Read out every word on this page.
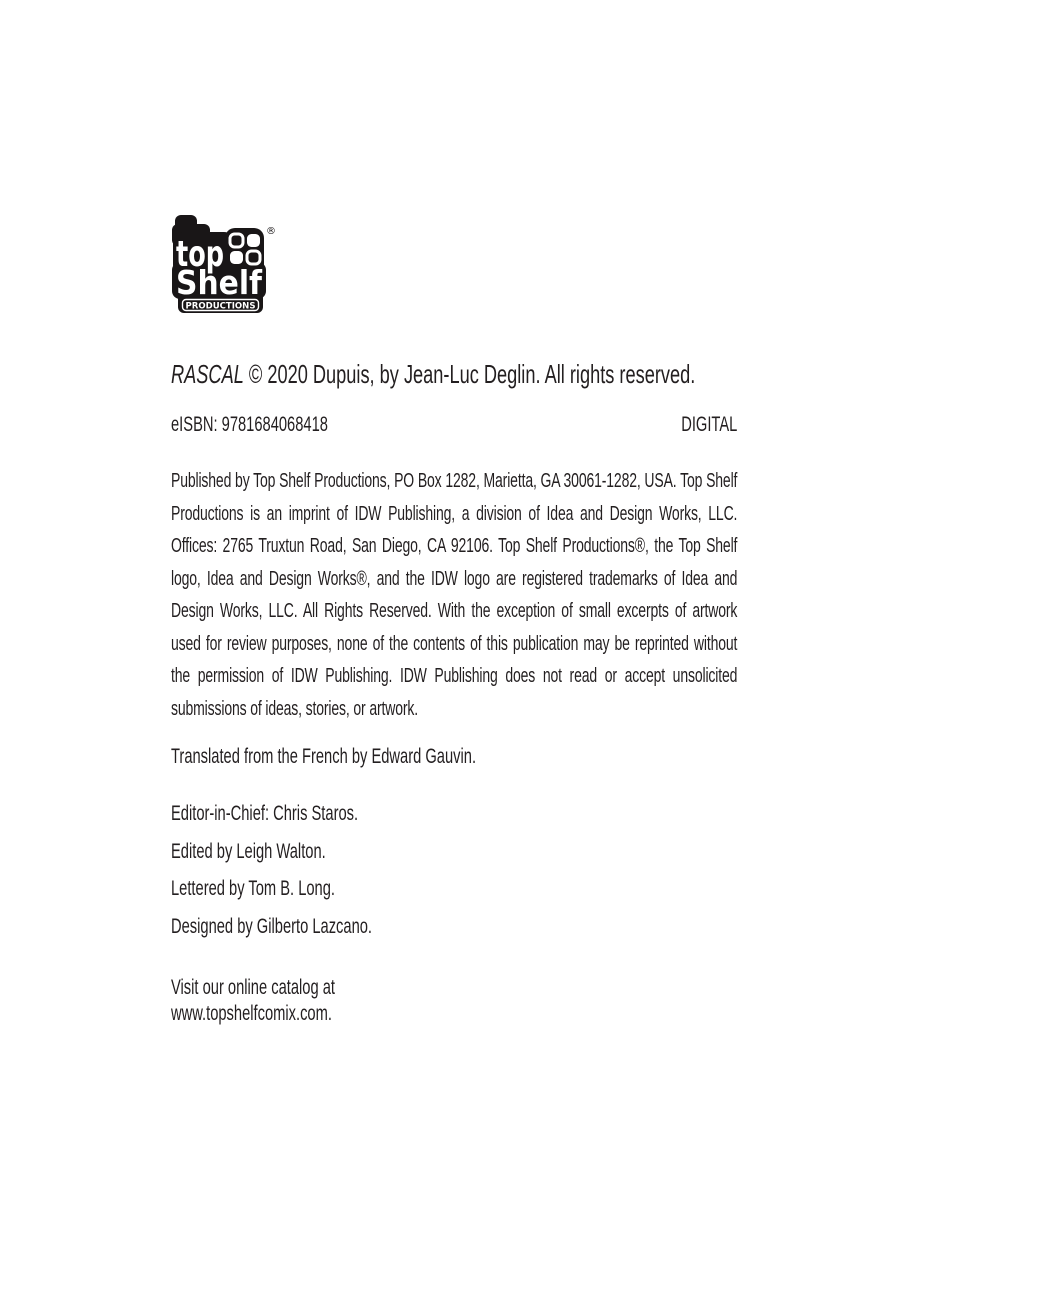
top
Shelf
PRODUCTIONS
®
RASCAL © 2020 Dupuis, by Jean-Luc Deglin. All rights reserved.
eISBN: 9781684068418	DIGITAL
Published by Top Shelf Productions, PO Box 1282, Marietta, GA 30061-1282, USA. Top Shelf Productions is an imprint of IDW Publishing, a division of Idea and Design Works, LLC. Offices: 2765 Truxtun Road, San Diego, CA 92106. Top Shelf Productions®, the Top Shelf logo, Idea and Design Works®, and the IDW logo are registered trademarks of Idea and Design Works, LLC. All Rights Reserved. With the exception of small excerpts of artwork used for review purposes, none of the contents of this publication may be reprinted without the permission of IDW Publishing. IDW Publishing does not read or accept unsolicited submissions of ideas, stories, or artwork.
Translated from the French by Edward Gauvin.
Editor-in-Chief: Chris Staros.
Edited by Leigh Walton.
Lettered by Tom B. Long.
Designed by Gilberto Lazcano.
Visit our online catalog at
www.topshelfcomix.com.
